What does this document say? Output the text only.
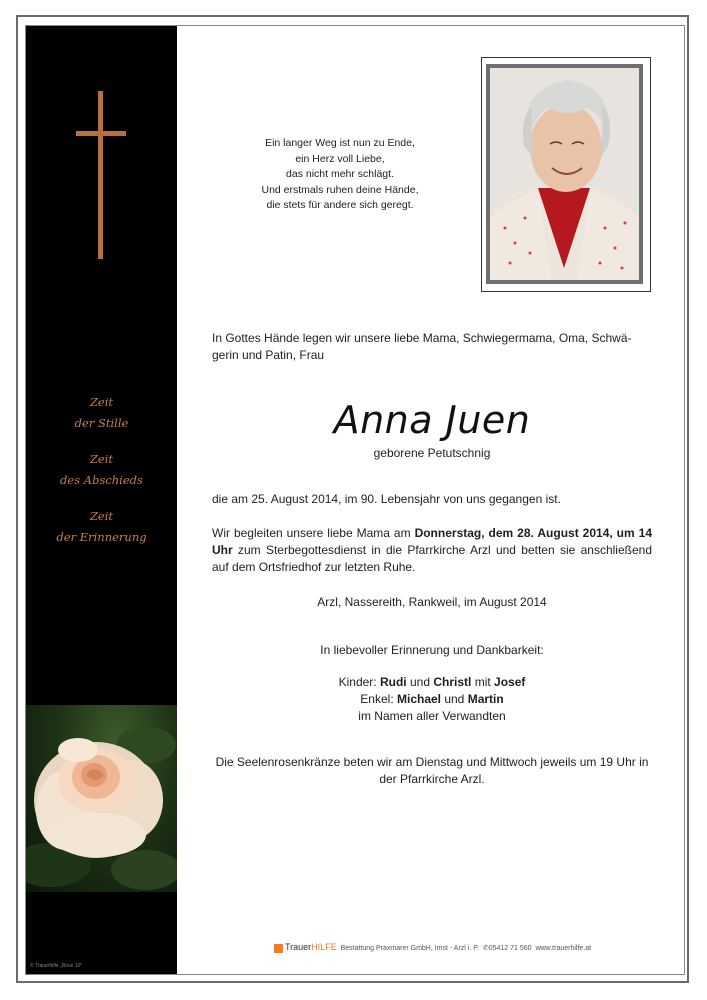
Zeit
der Stille
Zeit
des Abschieds
Zeit
der Erinnerung
© Trauerhilfe „Rose 10"
Ein langer Weg ist nun zu Ende,
ein Herz voll Liebe,
das nicht mehr schlägt.
Und erstmals ruhen deine Hände,
die stets für andere sich geregt.
In Gottes Hände legen wir unsere liebe Mama, Schwiegermama, Oma, Schwä-gerin und Patin, Frau
Anna Juen
geborene Petutschnig
die am 25. August 2014, im 90. Lebensjahr von uns gegangen ist.
Wir begleiten unsere liebe Mama am Donnerstag, dem 28. August 2014, um 14 Uhr zum Sterbegottesdienst in die Pfarrkirche Arzl und betten sie anschließend auf dem Ortsfriedhof zur letzten Ruhe.
Arzl, Nassereith, Rankweil, im August 2014
In liebevoller Erinnerung und Dankbarkeit:
Kinder: Rudi und Christl mit Josef
Enkel: Michael und Martin
im Namen aller Verwandten
Die Seelenrosenkränze beten wir am Dienstag und Mittwoch jeweils um 19 Uhr in der Pfarrkirche Arzl.
TrauerHILFE Bestattung Praxmarer GmbH, Imst - Arzl i. P. ✆05412 71 560 www.trauerhilfe.at
